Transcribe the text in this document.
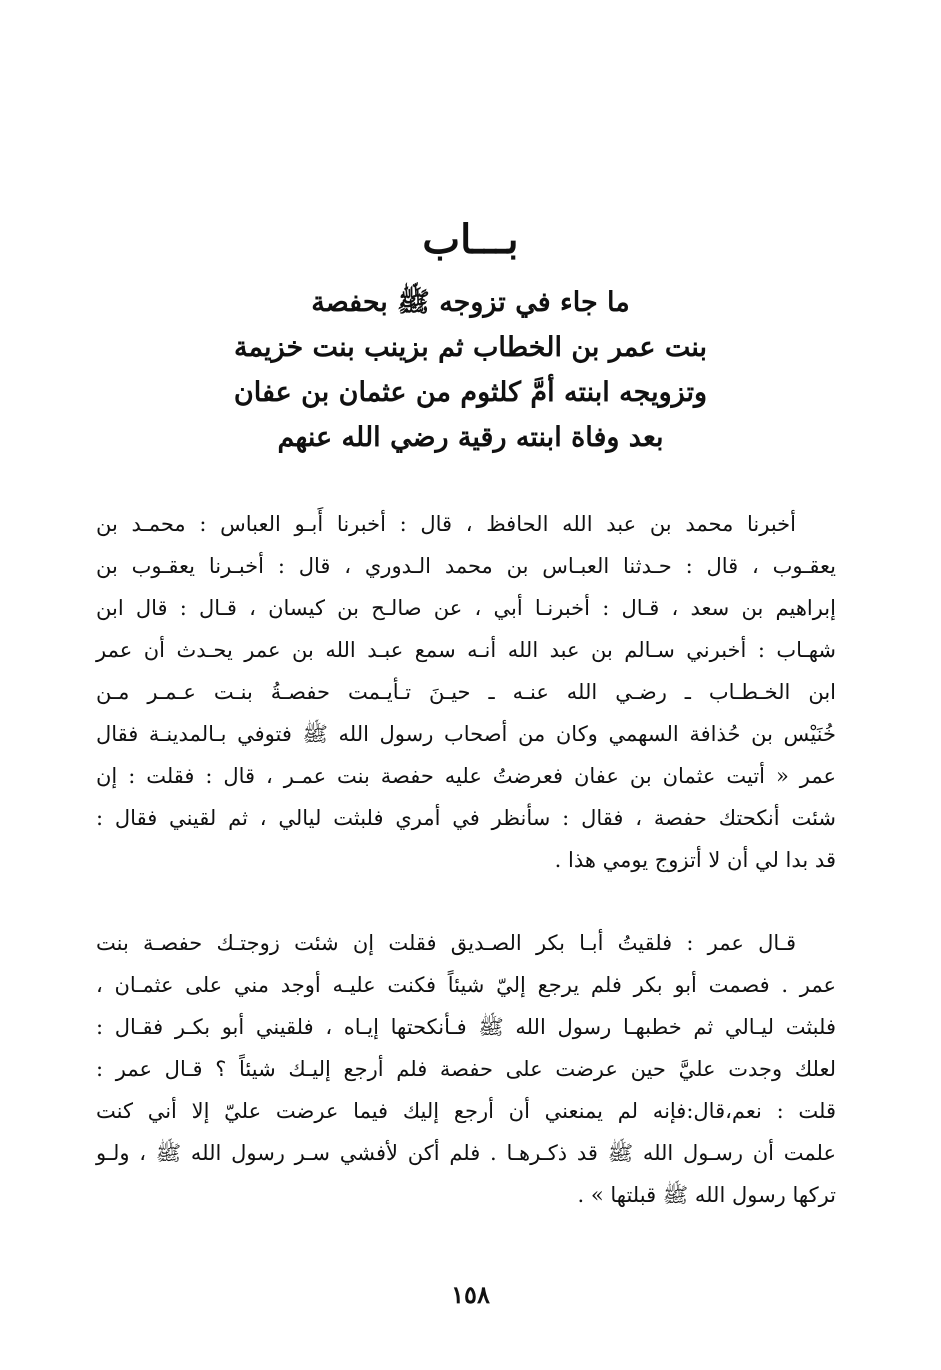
بـــاب
ما جاء في تزوجه ﷺ بحفصة
بنت عمر بن الخطاب ثم بزينب بنت خزيمة
وتزويجه ابنته أمَّ كلثوم من عثمان بن عفان
بعد وفاة ابنته رقية رضي الله عنهم
أخبرنا محمد بن عبد الله الحافظ ، قال : أخبرنا أَبـو العباس : محمـد بن
يعقـوب ، قال : حـدثنا العبـاس بن محمد الـدوري ، قال : أخبـرنا يعقـوب بن
إبراهيم بن سعد ، قـال : أخبرنـا أبي ، عن صالـح بن كيسان ، قـال : قال ابن
شهـاب : أخبرني سـالم بن عبد الله أنـه سمع عبـد الله بن عمر يحـدث أن عمر
ابن الخـطـاب ـ رضـي الله عنـه ـ حيـنَ تـأيـمت حفصـةُ بنـت عـمـر مـن
خُنَيْس بن حُذافة السهمي وكان من أصحاب رسول الله ﷺ فتوفي بـالمدينـة فقال
عمر « أتيت عثمان بن عفان فعرضتُ عليه حفصة بنت عمـر ، قال : فقلت : إن
شئت أنكحتك حفصة ، فقال : سأنظر في أمري فلبثت ليالي ، ثم لقيني فقال :
قد بدا لي أن لا أتزوج يومي هذا .
قـال عمر : فلقيتُ أبـا بكر الصـديق فقلت إن شئت زوجتـك حفصـة بنت
عمر . فصمت أبو بكر فلم يرجع إليّ شيئاً فكنت عليـه أوجد مني على عثمـان ،
فلبثت ليـالي ثم خطبهـا رسول الله ﷺ فـأنكحتها إيـاه ، فلقيني أبو بكـر فقـال :
لعلك وجدت عليَّ حين عرضت على حفصة فلم أرجع إليـك شيئاً ؟ قـال عمر :
قلت : نعم،قال:فإنه لم يمنعني أن أرجع إليك فيما عرضت عليّ إلا أني كنت
علمت أن رسـول الله ﷺ قد ذكـرهـا . فلم أكن لأفشي سـر رسول الله ﷺ ، ولـو
تركها رسول الله ﷺ قبلتها » .
١٥٨
